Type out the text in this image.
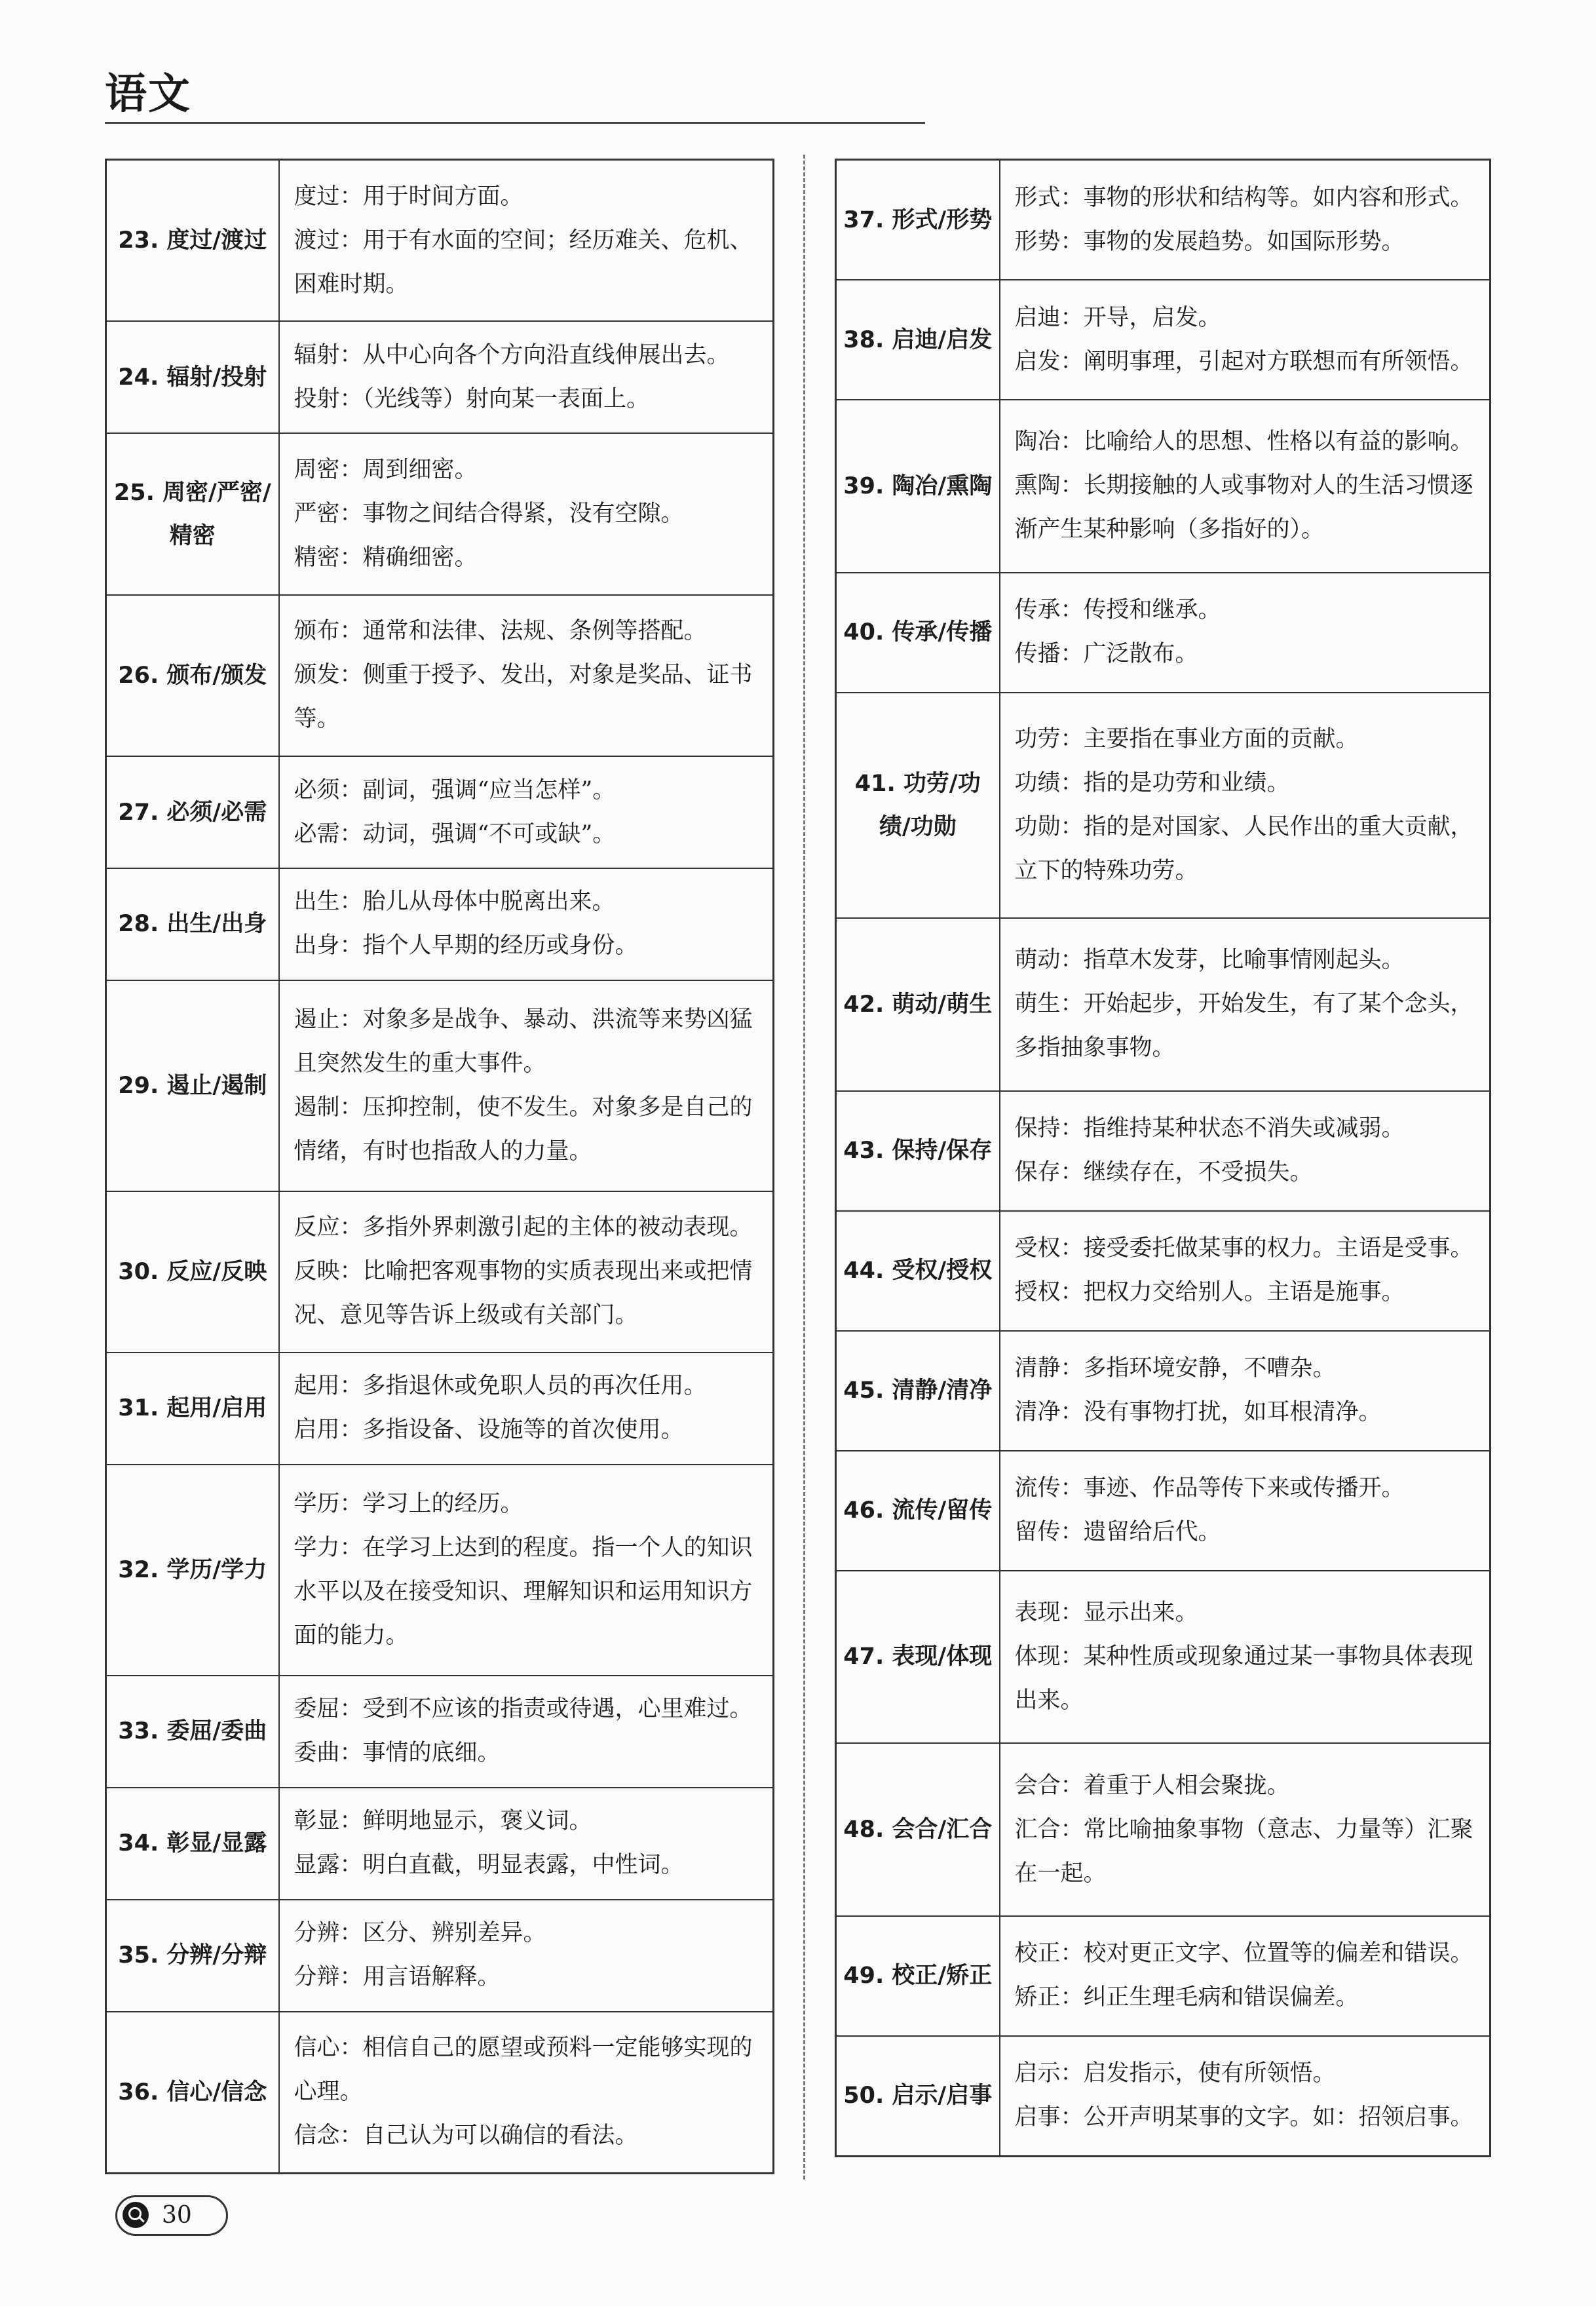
语文
23. 度过/渡过	度过：用于时间方面。
渡过：用于有水面的空间；经历难关、危机、困难时期。

24. 辐射/投射	辐射：从中心向各个方向沿直线伸展出去。
投射：（光线等）射向某一表面上。

25. 周密/严密/精密	周密：周到细密。
严密：事物之间结合得紧，没有空隙。
精密：精确细密。

26. 颁布/颁发	颁布：通常和法律、法规、条例等搭配。
颁发：侧重于授予、发出，对象是奖品、证书等。

27. 必须/必需	必须：副词，强调“应当怎样”。
必需：动词，强调“不可或缺”。

28. 出生/出身	出生：胎儿从母体中脱离出来。
出身：指个人早期的经历或身份。

29. 遏止/遏制	遏止：对象多是战争、暴动、洪流等来势凶猛且突然发生的重大事件。
遏制：压抑控制，使不发生。对象多是自己的情绪，有时也指敌人的力量。

30. 反应/反映	反应：多指外界刺激引起的主体的被动表现。
反映：比喻把客观事物的实质表现出来或把情况、意见等告诉上级或有关部门。

31. 起用/启用	起用：多指退休或免职人员的再次任用。
启用：多指设备、设施等的首次使用。

32. 学历/学力	学历：学习上的经历。
学力：在学习上达到的程度。指一个人的知识水平以及在接受知识、理解知识和运用知识方面的能力。

33. 委屈/委曲	委屈：受到不应该的指责或待遇，心里难过。
委曲：事情的底细。

34. 彰显/显露	彰显：鲜明地显示，褒义词。
显露：明白直截，明显表露，中性词。

35. 分辨/分辩	分辨：区分、辨别差异。
分辩：用言语解释。

36. 信心/信念	信心：相信自己的愿望或预料一定能够实现的心理。
信念：自己认为可以确信的看法。
37. 形式/形势	形式：事物的形状和结构等。如内容和形式。
形势：事物的发展趋势。如国际形势。

38. 启迪/启发	启迪：开导，启发。
启发：阐明事理，引起对方联想而有所领悟。

39. 陶冶/熏陶	陶冶：比喻给人的思想、性格以有益的影响。
熏陶：长期接触的人或事物对人的生活习惯逐渐产生某种影响（多指好的）。

40. 传承/传播	传承：传授和继承。
传播：广泛散布。

41. 功劳/功绩/功勋	功劳：主要指在事业方面的贡献。
功绩：指的是功劳和业绩。
功勋：指的是对国家、人民作出的重大贡献，立下的特殊功劳。

42. 萌动/萌生	萌动：指草木发芽，比喻事情刚起头。
萌生：开始起步，开始发生，有了某个念头，多指抽象事物。

43. 保持/保存	保持：指维持某种状态不消失或减弱。
保存：继续存在，不受损失。

44. 受权/授权	受权：接受委托做某事的权力。主语是受事。
授权：把权力交给别人。主语是施事。

45. 清静/清净	清静：多指环境安静，不嘈杂。
清净：没有事物打扰，如耳根清净。

46. 流传/留传	流传：事迹、作品等传下来或传播开。
留传：遗留给后代。

47. 表现/体现	表现：显示出来。
体现：某种性质或现象通过某一事物具体表现出来。

48. 会合/汇合	会合：着重于人相会聚拢。
汇合：常比喻抽象事物（意志、力量等）汇聚在一起。

49. 校正/矫正	校正：校对更正文字、位置等的偏差和错误。
矫正：纠正生理毛病和错误偏差。

50. 启示/启事	启示：启发指示，使有所领悟。
启事：公开声明某事的文字。如：招领启事。
30
